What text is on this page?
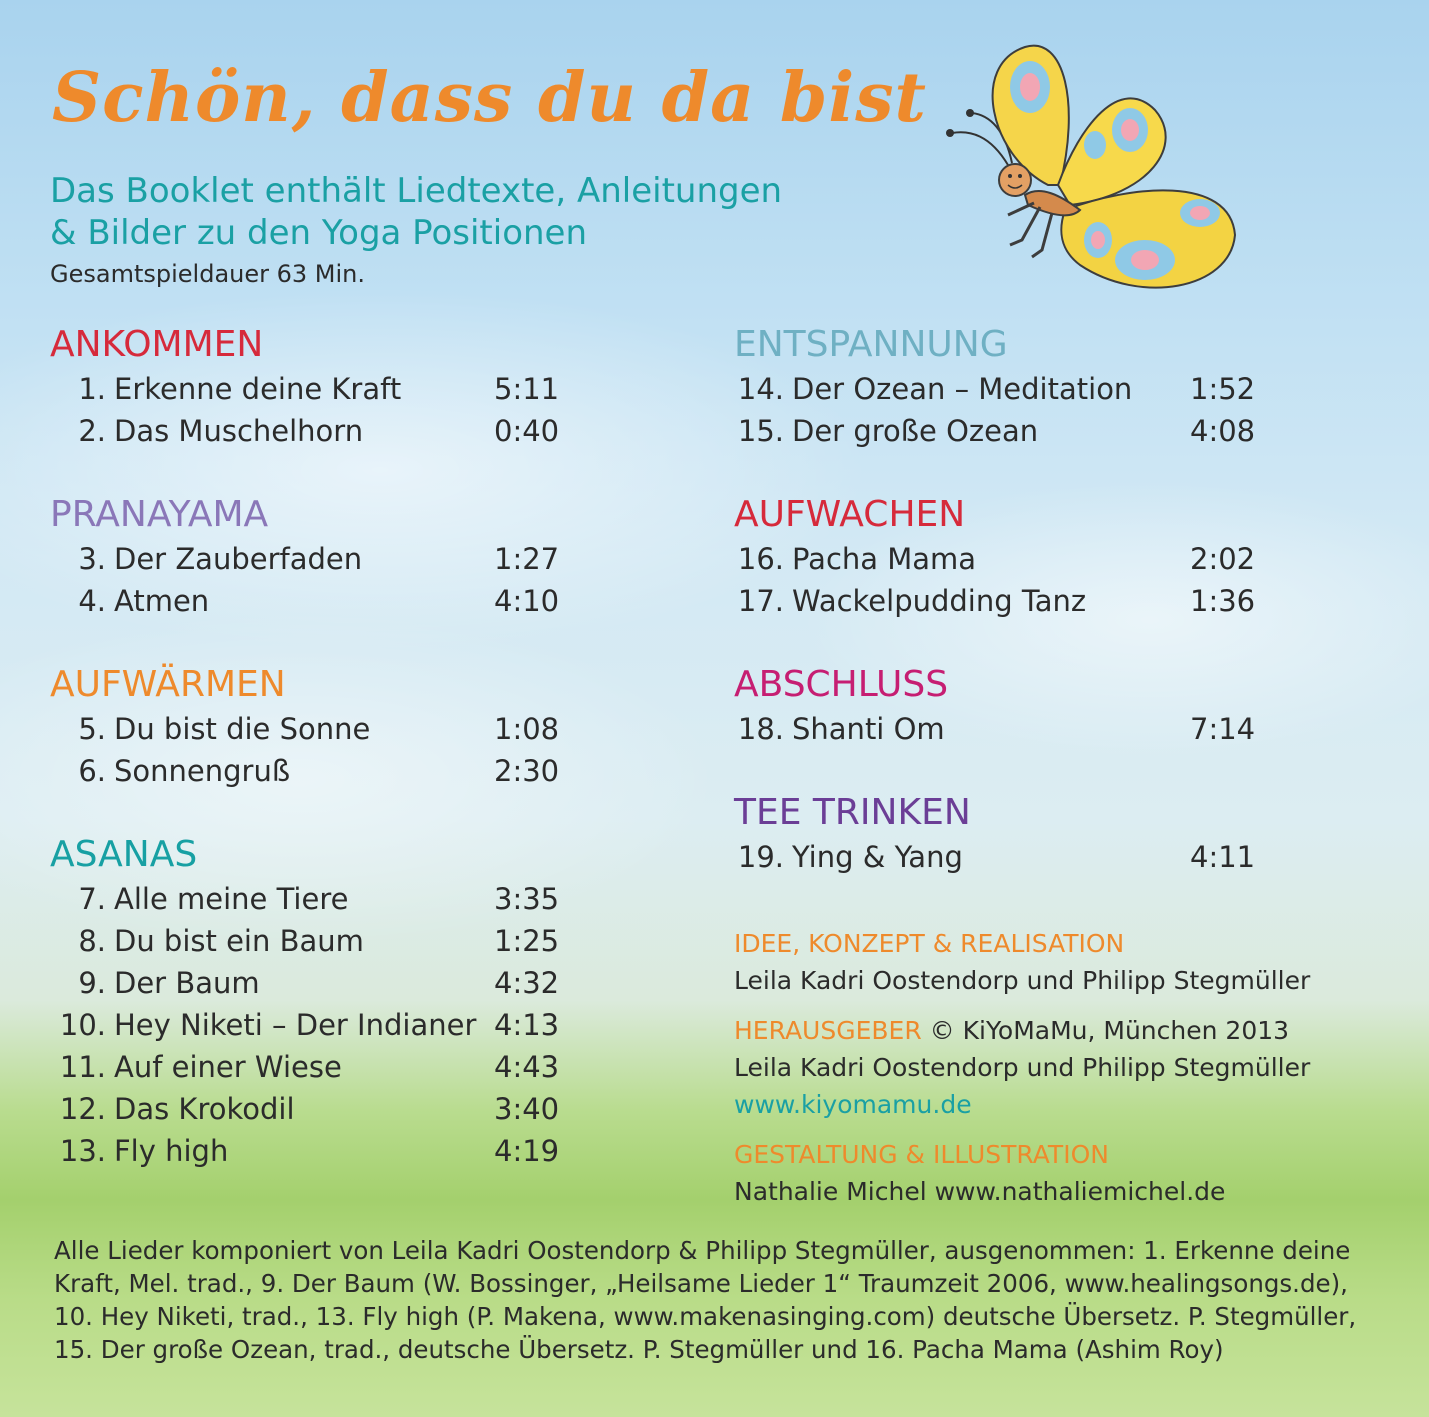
Schön, dass du da bist
Das Booklet enthält Liedtexte, Anleitungen
& Bilder zu den Yoga Positionen
Gesamtspieldauer 63 Min.
ANKOMMEN
1. Erkenne deine Kraft	5:11
2. Das Muschelhorn	0:40
PRANAYAMA
3. Der Zauberfaden	1:27
4. Atmen	4:10
AUFWÄRMEN
5. Du bist die Sonne	1:08
6. Sonnengruß	2:30
ASANAS
7. Alle meine Tiere	3:35
8. Du bist ein Baum	1:25
9. Der Baum	4:32
10. Hey Niketi – Der Indianer 4:13
11. Auf einer Wiese	4:43
12. Das Krokodil	3:40
13. Fly high	4:19
ENTSPANNUNG
14. Der Ozean – Meditation	1:52
15. Der große Ozean	4:08
AUFWACHEN
16. Pacha Mama	2:02
17. Wackelpudding Tanz	1:36
ABSCHLUSS
18. Shanti Om	7:14
TEE TRINKEN
19. Ying & Yang	4:11
IDEE, KONZEPT & REALISATION
Leila Kadri Oostendorp und Philipp Stegmüller
HERAUSGEBER © KiYoMaMu, München 2013
Leila Kadri Oostendorp und Philipp Stegmüller
www.kiyomamu.de
GESTALTUNG & ILLUSTRATION
Nathalie Michel www.nathaliemichel.de
Alle Lieder komponiert von Leila Kadri Oostendorp & Philipp Stegmüller, ausgenommen: 1. Erkenne deine
Kraft, Mel. trad., 9. Der Baum (W. Bossinger, „Heilsame Lieder 1“ Traumzeit 2006, www.healingsongs.de),
10. Hey Niketi, trad., 13. Fly high (P. Makena, www.makenasinging.com) deutsche Übersetz. P. Stegmüller,
15. Der große Ozean, trad., deutsche Übersetz. P. Stegmüller und 16. Pacha Mama (Ashim Roy)
